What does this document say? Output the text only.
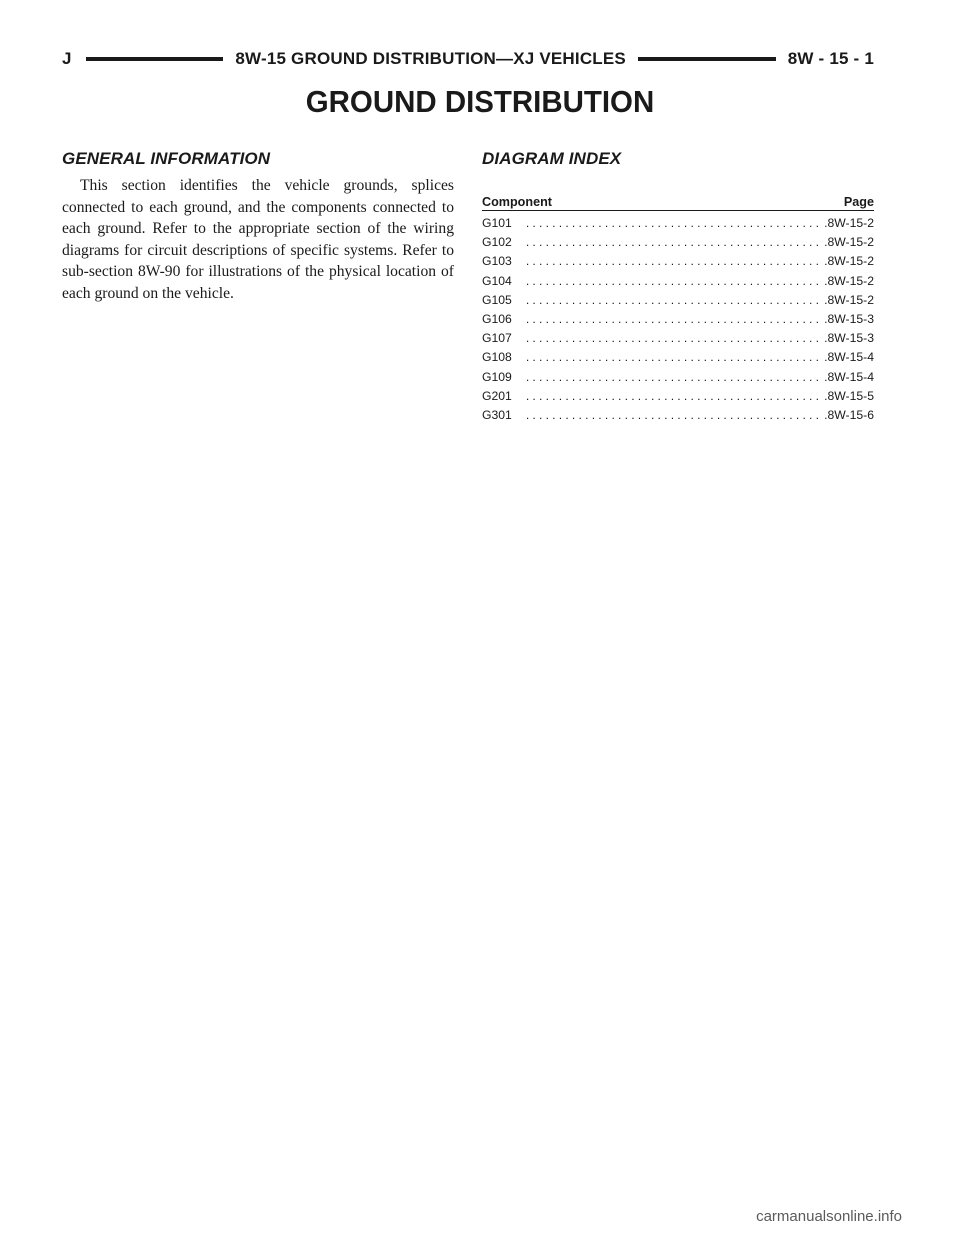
J	8W-15 GROUND DISTRIBUTION—XJ VEHICLES	8W - 15 - 1
GROUND DISTRIBUTION
GENERAL INFORMATION

This section identifies the vehicle grounds, splices connected to each ground, and the components connected to each ground. Refer to the appropriate section of the wiring diagrams for circuit descriptions of specific systems. Refer to sub-section 8W-90 for illustrations of the physical location of each ground on the vehicle.

DIAGRAM INDEX
Component	Page
G101 .....	.8W-15-2
G102 .....	.8W-15-2
G103 .....	.8W-15-2
G104 .....	.8W-15-2
G105 .....	.8W-15-2
G106 .....	.8W-15-3
G107 .....	.8W-15-3
G108 .....	.8W-15-4
G109 .....	.8W-15-4
G201 .....	.8W-15-5
G301 .....	.8W-15-6
carmanualsonline.info
